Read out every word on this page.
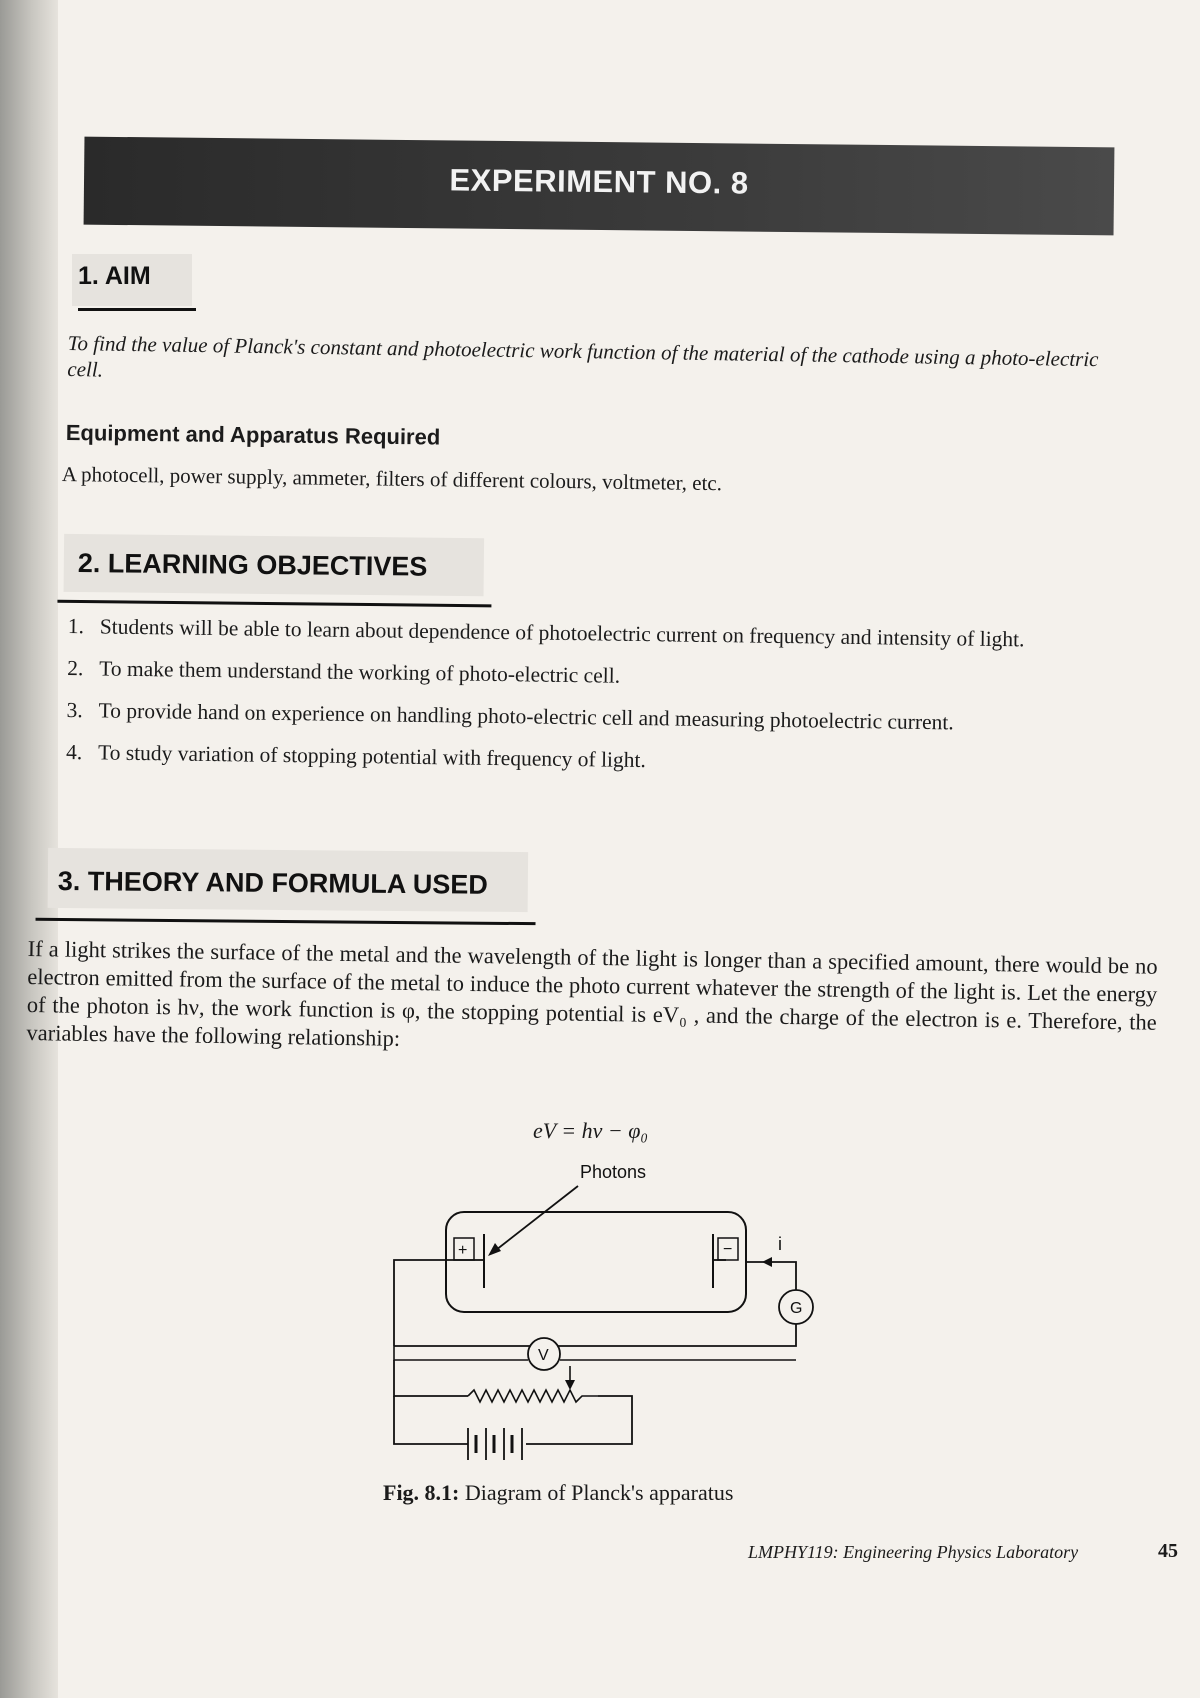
EXPERIMENT NO. 8
1. AIM
To find the value of Planck's constant and photoelectric work function of the material of the cathode using a photo-electric cell.
Equipment and Apparatus Required
A photocell, power supply, ammeter, filters of different colours, voltmeter, etc.
2. LEARNING OBJECTIVES
1. Students will be able to learn about dependence of photoelectric current on frequency and intensity of light.
2. To make them understand the working of photo-electric cell.
3. To provide hand on experience on handling photo-electric cell and measuring photoelectric current.
4. To study variation of stopping potential with frequency of light.
3. THEORY AND FORMULA USED
If a light strikes the surface of the metal and the wavelength of the light is longer than a specified amount, there would be no electron emitted from the surface of the metal to induce the photo current whatever the strength of the light is. Let the energy of the photon is hν, the work function is φ, the stopping potential is eV₀ , and the charge of the electron is e. Therefore, the variables have the following relationship:
eV = hν − φ₀
Photons
+	−	i
G
V
Fig. 8.1: Diagram of Planck's apparatus
LMPHY119: Engineering Physics Laboratory	45
